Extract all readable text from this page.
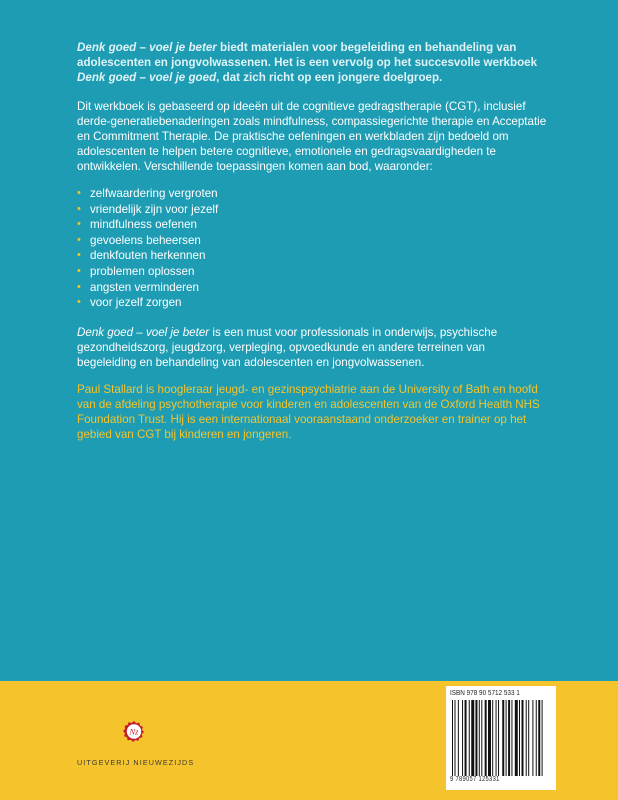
Denk goed – voel je beter biedt materialen voor begeleiding en behandeling van adolescenten en jongvolwassenen. Het is een vervolg op het succesvolle werkboek Denk goed – voel je goed, dat zich richt op een jongere doelgroep.

Dit werkboek is gebaseerd op ideeën uit de cognitieve gedragstherapie (CGT), inclusief derde-generatiebenaderingen zoals mindfulness, compassiegerichte therapie en Acceptatie en Commitment Therapie. De praktische oefeningen en werkbladen zijn bedoeld om adolescenten te helpen betere cognitieve, emotionele en gedragsvaardigheden te ontwikkelen. Verschillende toepassingen komen aan bod, waaronder:

• zelfwaardering vergroten
• vriendelijk zijn voor jezelf
• mindfulness oefenen
• gevoelens beheersen
• denkfouten herkennen
• problemen oplossen
• angsten verminderen
• voor jezelf zorgen

Denk goed – voel je beter is een must voor professionals in onderwijs, psychische gezondheidszorg, jeugdzorg, verpleging, opvoedkunde en andere terreinen van begeleiding en behandeling van adolescenten en jongvolwassenen.

Paul Stallard is hoogleraar jeugd- en gezinspsychiatrie aan de University of Bath en hoofd van de afdeling psychotherapie voor kinderen en adolescenten van de Oxford Health NHS Foundation Trust. Hij is een internationaal vooraanstaand onderzoeker en trainer op het gebied van CGT bij kinderen en jongeren.

Nz
UITGEVERIJ NIEUWEZIJDS
ISBN 978 90 5712 533 1
9 789057 125331
